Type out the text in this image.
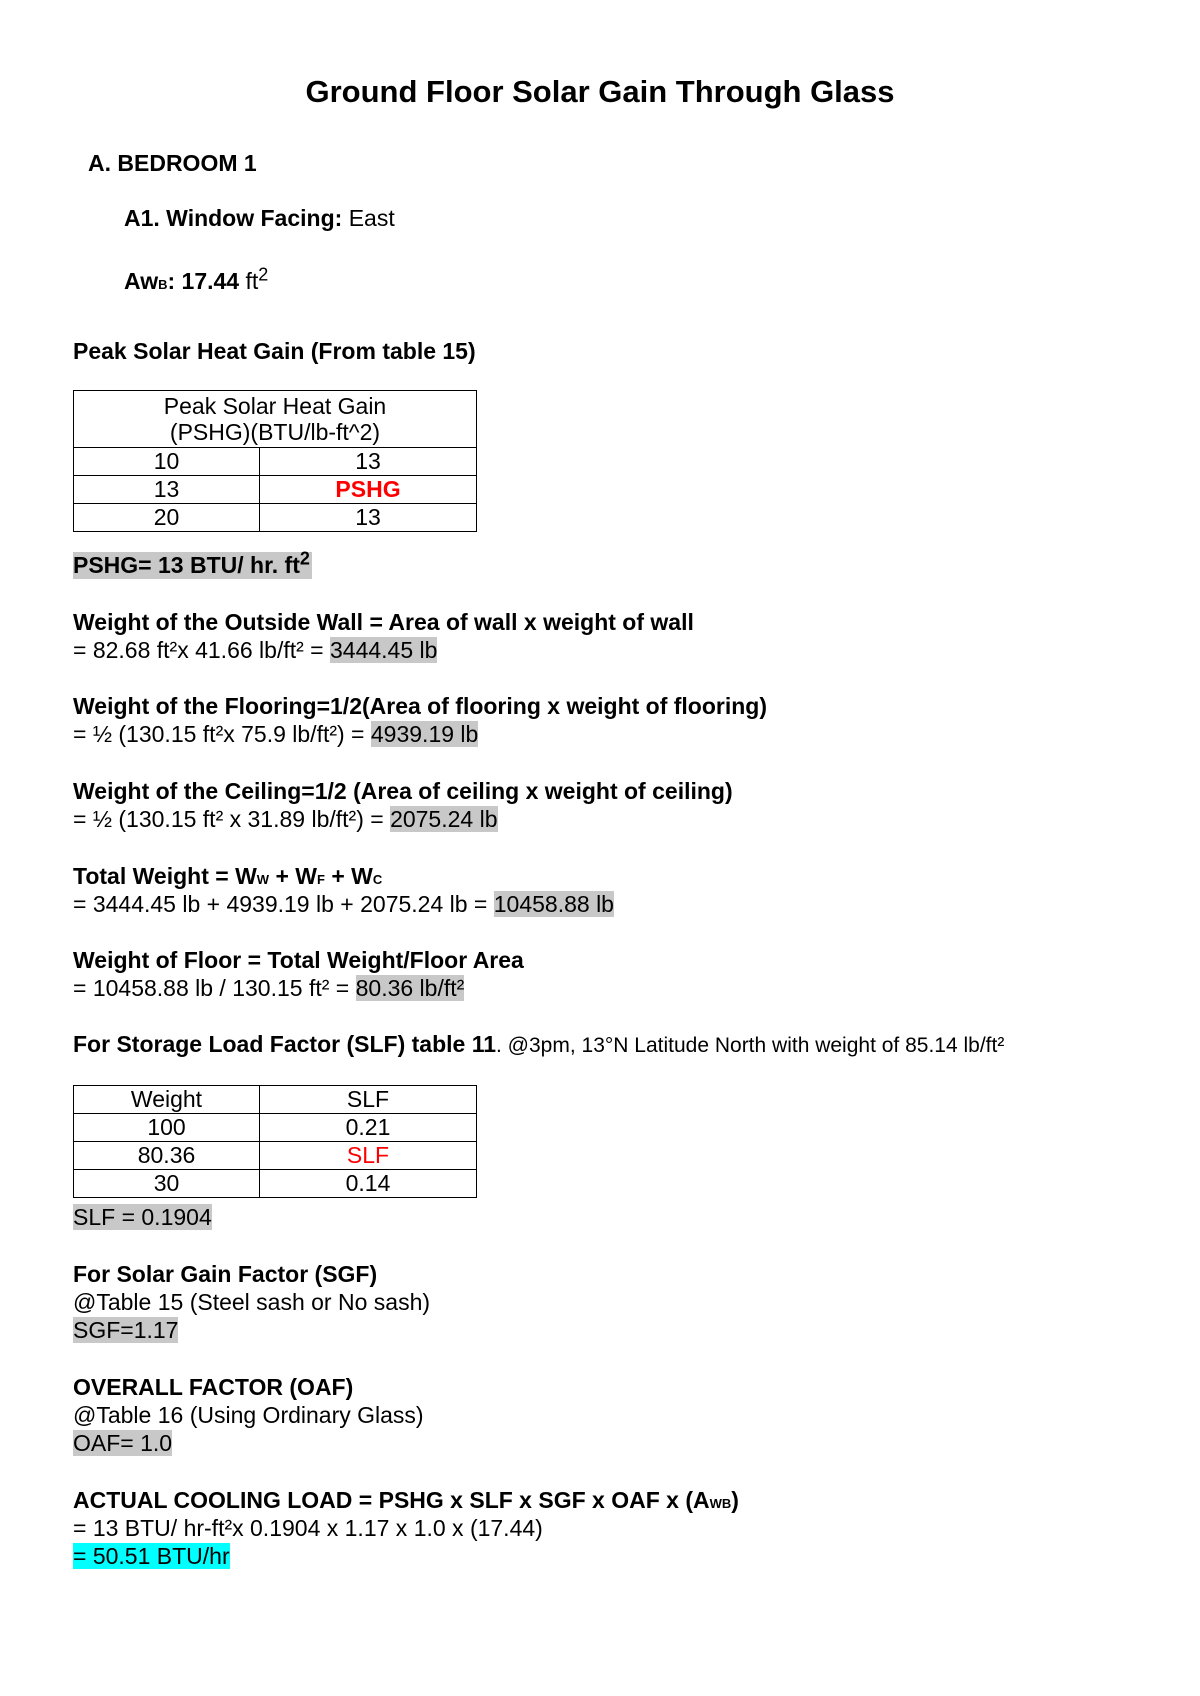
Ground Floor Solar Gain Through Glass
A. BEDROOM 1
A1. Window Facing: East
AwB: 17.44 $ft^2$
Peak Solar Heat Gain (From table 15)
Peak Solar Heat Gain (PSHG)(BTU/lb-ft^2)	
10	13
13	PSHG
20	13
PSHG= 13 BTU/ hr. $ft^2$
Weight of the Outside Wall = Area of wall x weight of wall
= 82.68 ft²x 41.66 lb/ft² = 3444.45 lb
Weight of the Flooring=1/2(Area of flooring x weight of flooring)
= ½ (130.15 ft²x 75.9 lb/ft²) = 4939.19 lb
Weight of the Ceiling=1/2 (Area of ceiling x weight of ceiling)
= ½ (130.15 ft² x 31.89 lb/ft²) = 2075.24 lb
Total Weight = WW + WF + WC
= 3444.45 lb + 4939.19 lb + 2075.24 lb = 10458.88 lb
Weight of Floor = Total Weight/Floor Area
= 10458.88 lb / 130.15 ft² = 80.36 lb/ft²
For Storage Load Factor (SLF) table 11. @3pm, 13°N Latitude North with weight of 85.14 lb/ft²
Weight	SLF
100	0.21
80.36	SLF
30	0.14
SLF = 0.1904
For Solar Gain Factor (SGF)
@Table 15 (Steel sash or No sash)
SGF=1.17
OVERALL FACTOR (OAF)
@Table 16 (Using Ordinary Glass)
OAF= 1.0
ACTUAL COOLING LOAD = PSHG x SLF x SGF x OAF x (AWB)
= 13 BTU/ hr-ft²x 0.1904 x 1.17 x 1.0 x (17.44)
= 50.51 BTU/hr
